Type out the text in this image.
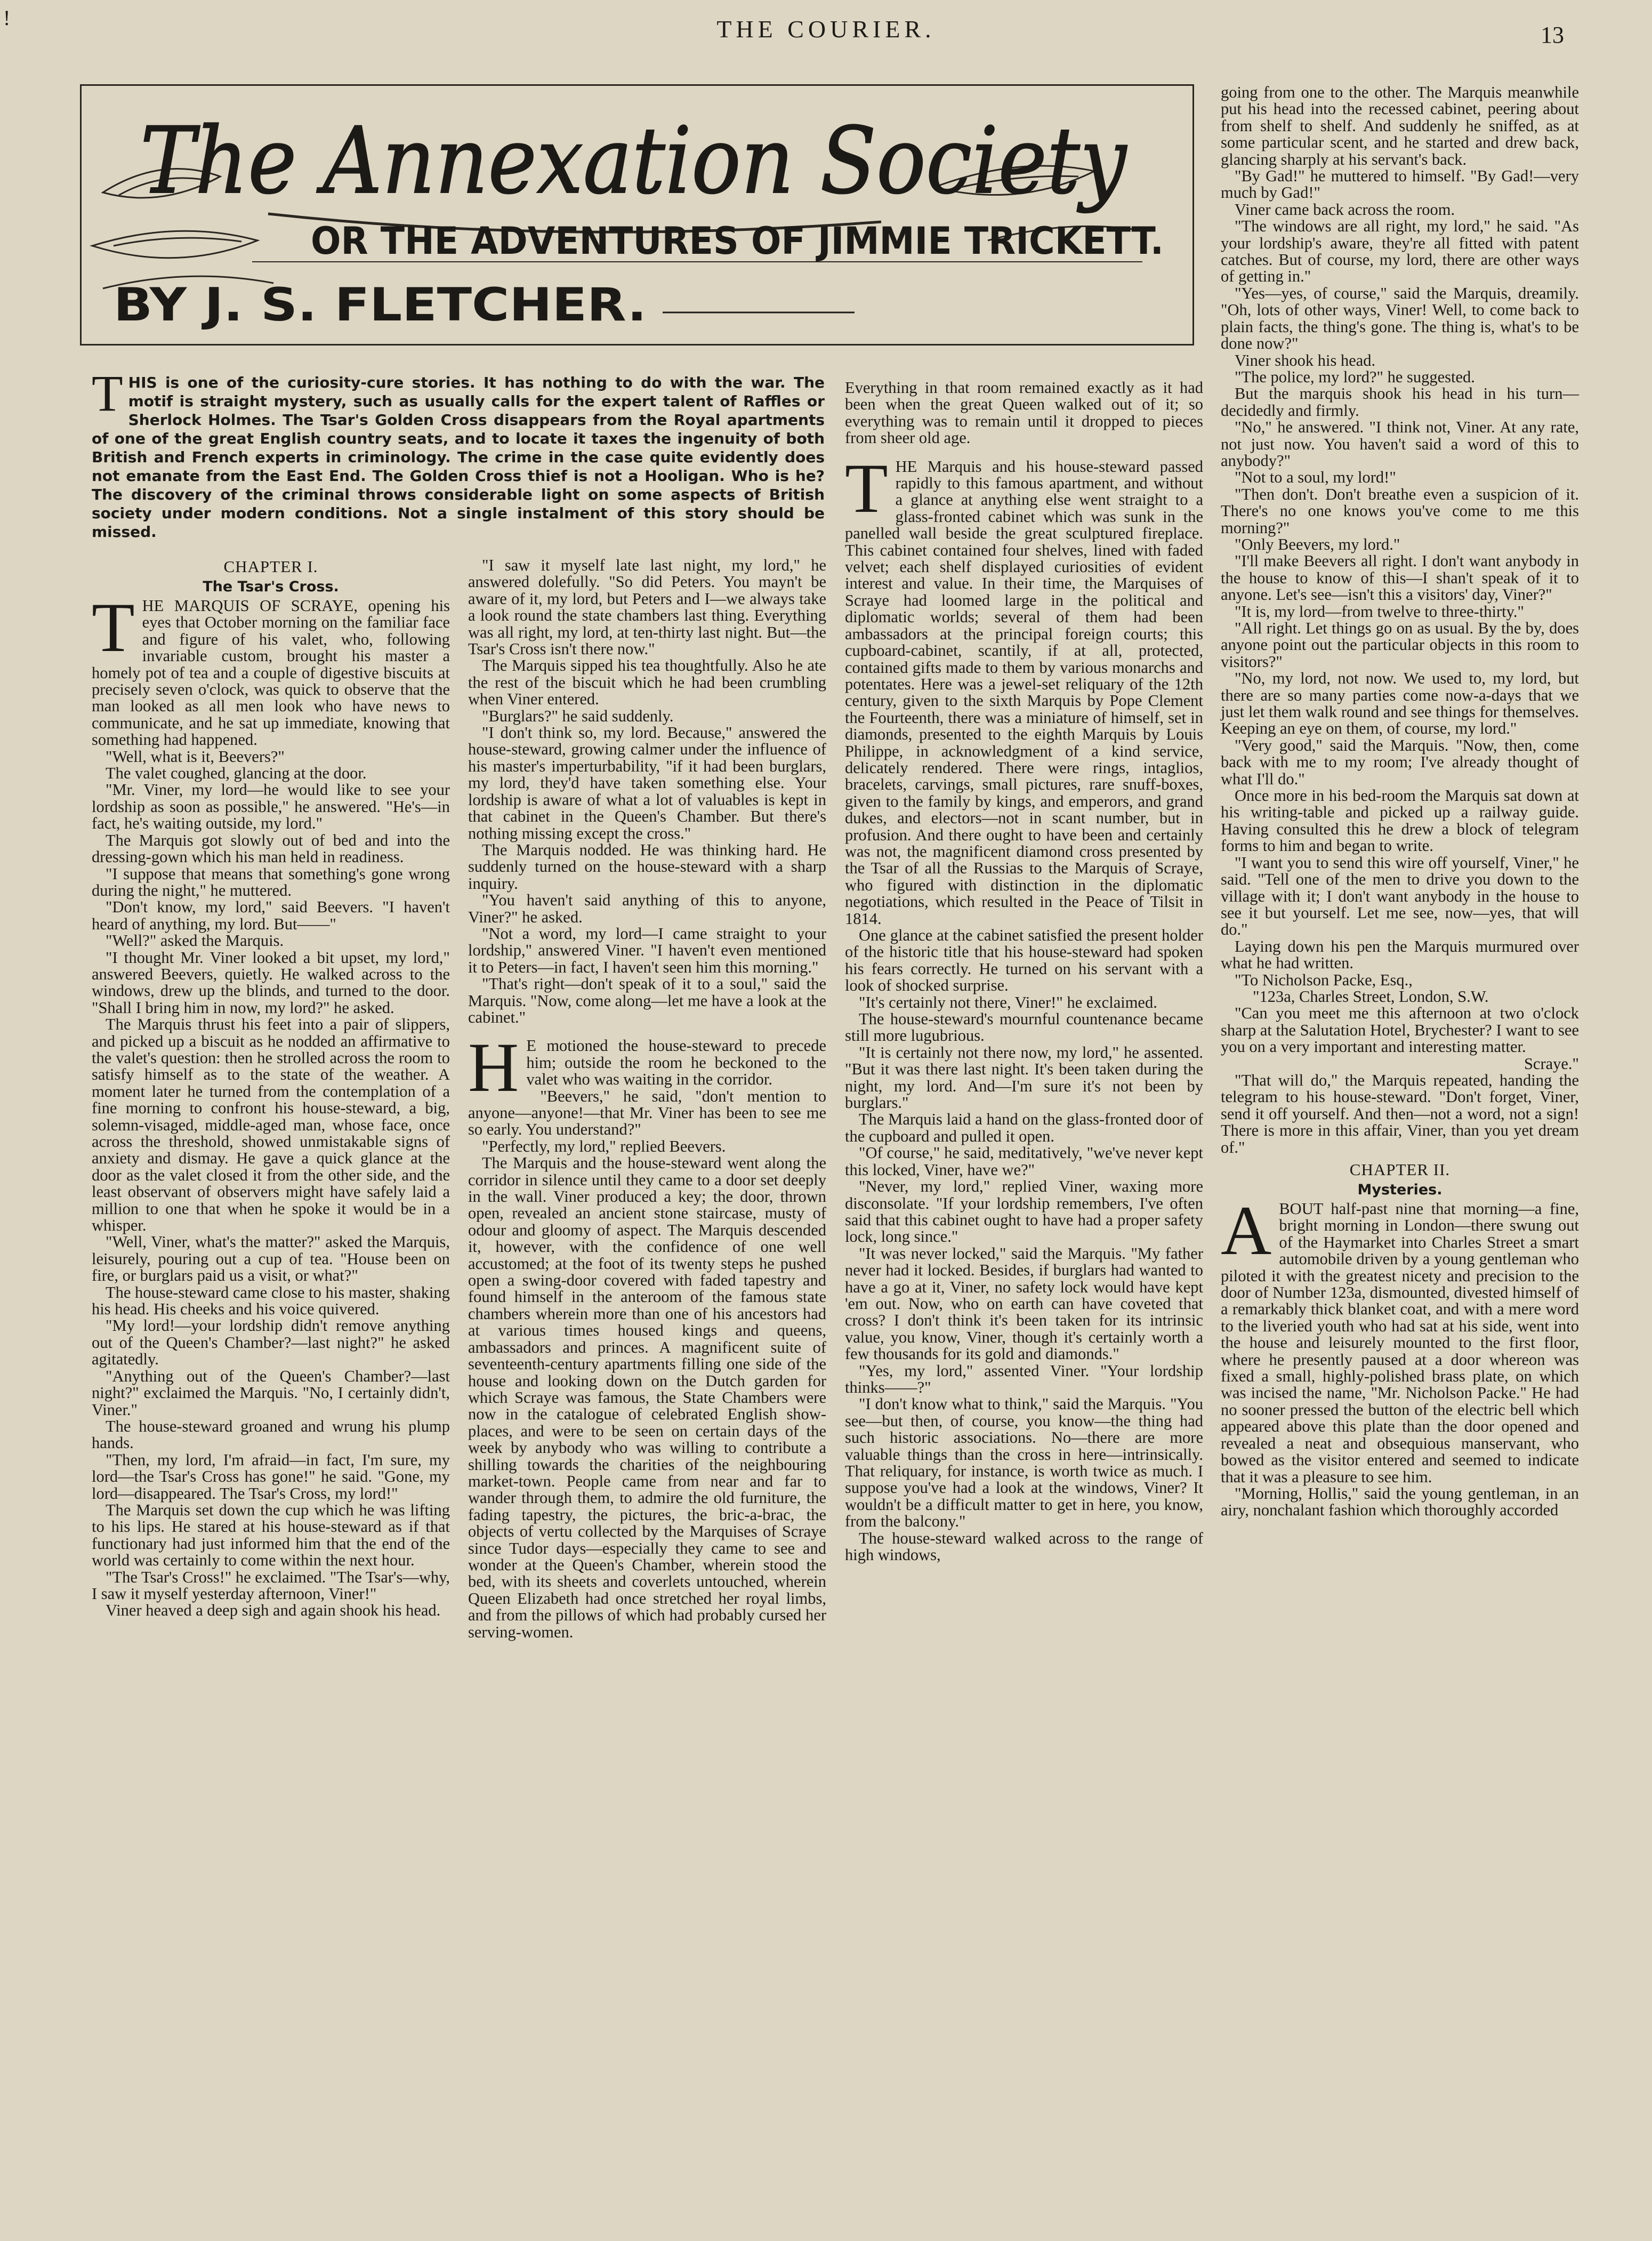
!	THE COURIER.	13
The Annexation Society
OR THE ADVENTURES OF JIMMIE TRICKETT.
BY J. S. FLETCHER.

THIS is one of the curiosity-cure stories. It has nothing to do with the war. The motif is straight mystery, such as usually calls for the expert talent of Raffles or Sherlock Holmes. The Tsar's Golden Cross disappears from the Royal apartments of one of the great English country seats, and to locate it taxes the ingenuity of both British and French experts in criminology. The crime in the case quite evidently does not emanate from the East End. The Golden Cross thief is not a Hooligan. Who is he? The discovery of the criminal throws considerable light on some aspects of British society under modern conditions. Not a single instalment of this story should be missed.

CHAPTER I.
The Tsar's Cross.

THE MARQUIS OF SCRAYE, opening his eyes that October morning on the familiar face and figure of his valet, who, following invariable custom, brought his master a homely pot of tea and a couple of digestive biscuits at precisely seven o'clock, was quick to observe that the man looked as all men look who have news to communicate, and he sat up immediate, knowing that something had happened.

"Well, what is it, Beevers?"

The valet coughed, glancing at the door.

"Mr. Viner, my lord—he would like to see your lordship as soon as possible," he answered. "He's—in fact, he's waiting outside, my lord."

The Marquis got slowly out of bed and into the dressing-gown which his man held in readiness.

"I suppose that means that something's gone wrong during the night," he muttered.

"Don't know, my lord," said Beevers. "I haven't heard of anything, my lord. But——"

"Well?" asked the Marquis.

"I thought Mr. Viner looked a bit upset, my lord," answered Beevers, quietly. He walked across to the windows, drew up the blinds, and turned to the door. "Shall I bring him in now, my lord?" he asked.

The Marquis thrust his feet into a pair of slippers, and picked up a biscuit as he nodded an affirmative to the valet's question: then he strolled across the room to satisfy himself as to the state of the weather. A moment later he turned from the contemplation of a fine morning to confront his house-steward, a big, solemn-visaged, middle-aged man, whose face, once across the threshold, showed unmistakable signs of anxiety and dismay. He gave a quick glance at the door as the valet closed it from the other side, and the least observant of observers might have safely laid a million to one that when he spoke it would be in a whisper.

"Well, Viner, what's the matter?" asked the Marquis, leisurely, pouring out a cup of tea. "House been on fire, or burglars paid us a visit, or what?"

The house-steward came close to his master, shaking his head. His cheeks and his voice quivered.

"My lord!—your lordship didn't remove anything out of the Queen's Chamber?—last night?" he asked agitatedly.

"Anything out of the Queen's Chamber?—last night?" exclaimed the Marquis. "No, I certainly didn't, Viner."

The house-steward groaned and wrung his plump hands.

"Then, my lord, I'm afraid—in fact, I'm sure, my lord—the Tsar's Cross has gone!" he said. "Gone, my lord—disappeared. The Tsar's Cross, my lord!"

The Marquis set down the cup which he was lifting to his lips. He stared at his house-steward as if that functionary had just informed him that the end of the world was certainly to come within the next hour.

"The Tsar's Cross!" he exclaimed. "The Tsar's—why, I saw it myself yesterday afternoon, Viner!"

Viner heaved a deep sigh and again shook his head.

"I saw it myself late last night, my lord," he answered dolefully. "So did Peters. You mayn't be aware of it, my lord, but Peters and I—we always take a look round the state chambers last thing. Everything was all right, my lord, at ten-thirty last night. But—the Tsar's Cross isn't there now."

The Marquis sipped his tea thoughtfully. Also he ate the rest of the biscuit which he had been crumbling when Viner entered.

"Burglars?" he said suddenly.

"I don't think so, my lord. Because," answered the house-steward, growing calmer under the influence of his master's imperturbability, "if it had been burglars, my lord, they'd have taken something else. Your lordship is aware of what a lot of valuables is kept in that cabinet in the Queen's Chamber. But there's nothing missing except the cross."

The Marquis nodded. He was thinking hard. He suddenly turned on the house-steward with a sharp inquiry.

"You haven't said anything of this to anyone, Viner?" he asked.

"Not a word, my lord—I came straight to your lordship," answered Viner. "I haven't even mentioned it to Peters—in fact, I haven't seen him this morning."

"That's right—don't speak of it to a soul," said the Marquis. "Now, come along—let me have a look at the cabinet."

H E motioned the house-steward to precede him; outside the room he beckoned to the valet who was waiting in the corridor.

"Beevers," he said, "don't mention to anyone—anyone!—that Mr. Viner has been to see me so early. You understand?"

"Perfectly, my lord," replied Beevers.

The Marquis and the house-steward went along the corridor in silence until they came to a door set deeply in the wall. Viner produced a key; the door, thrown open, revealed an ancient stone staircase, musty of odour and gloomy of aspect. The Marquis descended it, however, with the confidence of one well accustomed; at the foot of its twenty steps he pushed open a swing-door covered with faded tapestry and found himself in the anteroom of the famous state chambers wherein more than one of his ancestors had at various times housed kings and queens, ambassadors and princes. A magnificent suite of seventeenth-century apartments filling one side of the house and looking down on the Dutch garden for which Scraye was famous, the State Chambers were now in the catalogue of celebrated English show-places, and were to be seen on certain days of the week by anybody who was willing to contribute a shilling towards the charities of the neighbouring market-town. People came from near and far to wander through them, to admire the old furniture, the fading tapestry, the pictures, the bric-a-brac, the objects of vertu collected by the Marquises of Scraye since Tudor days—especially they came to see and wonder at the Queen's Chamber, wherein stood the bed, with its sheets and coverlets untouched, wherein Queen Elizabeth had once stretched her royal limbs, and from the pillows of which had probably cursed her serving-women.

Everything in that room remained exactly as it had been when the great Queen walked out of it; so everything was to remain until it dropped to pieces from sheer old age.

THE Marquis and his house-steward passed rapidly to this famous apartment, and without a glance at anything else went straight to a glass-fronted cabinet which was sunk in the panelled wall beside the great sculptured fireplace. This cabinet contained four shelves, lined with faded velvet; each shelf displayed curiosities of evident interest and value. In their time, the Marquises of Scraye had loomed large in the political and diplomatic worlds; several of them had been ambassadors at the principal foreign courts; this cupboard-cabinet, scantily, if at all, protected, contained gifts made to them by various monarchs and potentates. Here was a jewel-set reliquary of the 12th century, given to the sixth Marquis by Pope Clement the Fourteenth, there was a miniature of himself, set in diamonds, presented to the eighth Marquis by Louis Philippe, in acknowledgment of a kind service, delicately rendered. There were rings, intaglios, bracelets, carvings, small pictures, rare snuff-boxes, given to the family by kings, and emperors, and grand dukes, and electors—not in scant number, but in profusion. And there ought to have been and certainly was not, the magnificent diamond cross presented by the Tsar of all the Russias to the Marquis of Scraye, who figured with distinction in the diplomatic negotiations, which resulted in the Peace of Tilsit in 1814.

One glance at the cabinet satisfied the present holder of the historic title that his house-steward had spoken his fears correctly. He turned on his servant with a look of shocked surprise.

"It's certainly not there, Viner!" he exclaimed.

The house-steward's mournful countenance became still more lugubrious.

"It is certainly not there now, my lord," he assented. "But it was there last night. It's been taken during the night, my lord. And—I'm sure it's not been by burglars."

The Marquis laid a hand on the glass-fronted door of the cupboard and pulled it open.

"Of course," he said, meditatively, "we've never kept this locked, Viner, have we?"

"Never, my lord," replied Viner, waxing more disconsolate. "If your lordship remembers, I've often said that this cabinet ought to have had a proper safety lock, long since."

"It was never locked," said the Marquis. "My father never had it locked. Besides, if burglars had wanted to have a go at it, Viner, no safety lock would have kept 'em out. Now, who on earth can have coveted that cross? I don't think it's been taken for its intrinsic value, you know, Viner, though it's certainly worth a few thousands for its gold and diamonds."

"Yes, my lord," assented Viner. "Your lordship thinks——?"

"I don't know what to think," said the Marquis. "You see—but then, of course, you know—the thing had such historic associations. No—there are more valuable things than the cross in here—intrinsically. That reliquary, for instance, is worth twice as much. I suppose you've had a look at the windows, Viner? It wouldn't be a difficult matter to get in here, you know, from the balcony."

The house-steward walked across to the range of high windows,

going from one to the other. The Marquis meanwhile put his head into the recessed cabinet, peering about from shelf to shelf. And suddenly he sniffed, as at some particular scent, and he started and drew back, glancing sharply at his servant's back.

"By Gad!" he muttered to himself. "By Gad!—very much by Gad!"

Viner came back across the room.

"The windows are all right, my lord," he said. "As your lordship's aware, they're all fitted with patent catches. But of course, my lord, there are other ways of getting in."

"Yes—yes, of course," said the Marquis, dreamily. "Oh, lots of other ways, Viner! Well, to come back to plain facts, the thing's gone. The thing is, what's to be done now?"

Viner shook his head.

"The police, my lord?" he suggested.

But the marquis shook his head in his turn—decidedly and firmly.

"No," he answered. "I think not, Viner. At any rate, not just now. You haven't said a word of this to anybody?"

"Not to a soul, my lord!"

"Then don't. Don't breathe even a suspicion of it. There's no one knows you've come to me this morning?"

"Only Beevers, my lord."

"I'll make Beevers all right. I don't want anybody in the house to know of this—I shan't speak of it to anyone. Let's see—isn't this a visitors' day, Viner?"

"It is, my lord—from twelve to three-thirty."

"All right. Let things go on as usual. By the by, does anyone point out the particular objects in this room to visitors?"

"No, my lord, not now. We used to, my lord, but there are so many parties come now-a-days that we just let them walk round and see things for themselves. Keeping an eye on them, of course, my lord."

"Very good," said the Marquis. "Now, then, come back with me to my room; I've already thought of what I'll do."

Once more in his bed-room the Marquis sat down at his writing-table and picked up a railway guide. Having consulted this he drew a block of telegram forms to him and began to write.

"I want you to send this wire off yourself, Viner," he said. "Tell one of the men to drive you down to the village with it; I don't want anybody in the house to see it but yourself. Let me see, now—yes, that will do."

Laying down his pen the Marquis murmured over what he had written.

"To Nicholson Packe, Esq.,

"123a, Charles Street, London, S.W.

"Can you meet me this afternoon at two o'clock sharp at the Salutation Hotel, Brychester? I want to see you on a very important and interesting matter.

Scraye."

"That will do," the Marquis repeated, handing the telegram to his house-steward. "Don't forget, Viner, send it off yourself. And then—not a word, not a sign! There is more in this affair, Viner, than you yet dream of."

CHAPTER II.
Mysteries.

ABOUT half-past nine that morning—a fine, bright morning in London—there swung out of the Haymarket into Charles Street a smart automobile driven by a young gentleman who piloted it with the greatest nicety and precision to the door of Number 123a, dismounted, divested himself of a remarkably thick blanket coat, and with a mere word to the liveried youth who had sat at his side, went into the house and leisurely mounted to the first floor, where he presently paused at a door whereon was fixed a small, highly-polished brass plate, on which was incised the name, "Mr. Nicholson Packe." He had no sooner pressed the button of the electric bell which appeared above this plate than the door opened and revealed a neat and obsequious manservant, who bowed as the visitor entered and seemed to indicate that it was a pleasure to see him.

"Morning, Hollis," said the young gentleman, in an airy, nonchalant fashion which thoroughly accorded
